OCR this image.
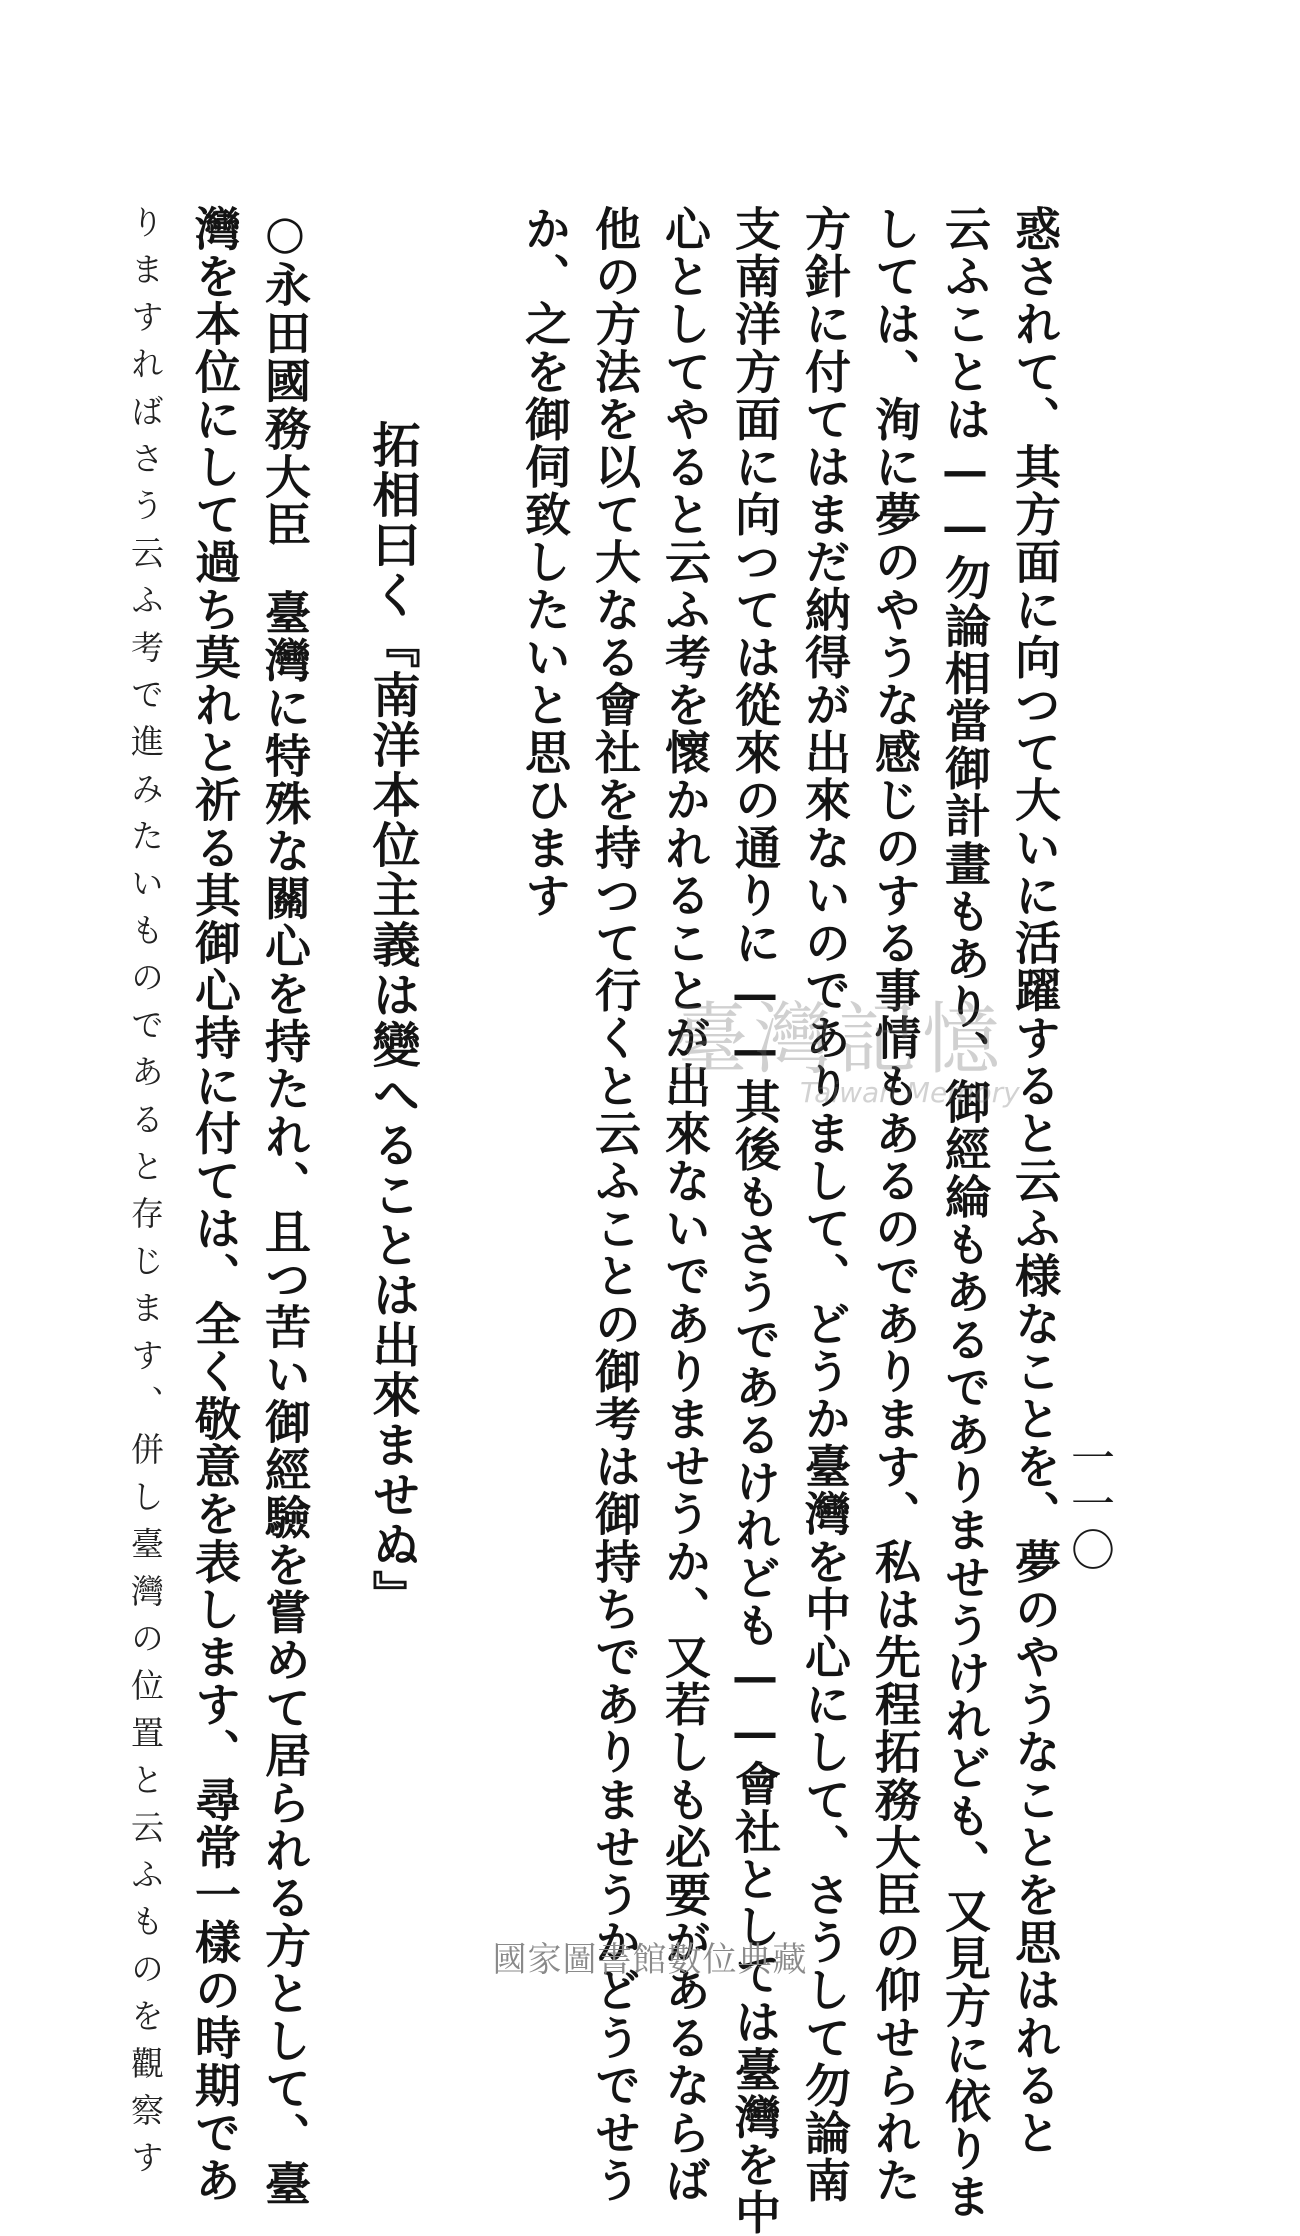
一一〇
惑されて、其方面に向つて大いに活躍すると云ふ様なことを、夢のやうなことを思はれると
云ふことは——勿論相當御計畫もあり、御經綸もあるでありませうけれども、又見方に依りま
しては、洵に夢のやうな感じのする事情もあるのであります、私は先程拓務大臣の仰せられた
方針に付てはまだ納得が出來ないのでありまして、どうか臺灣を中心にして、さうして勿論南
支南洋方面に向つては從來の通りに——其後もさうであるけれども——會社としては臺灣を中
心としてやると云ふ考を懷かれることが出來ないでありませうか、又若しも必要があるならば
他の方法を以て大なる會社を持つて行くと云ふことの御考は御持ちでありませうかどうでせう
か、之を御伺致したいと思ひます
拓相曰く『南洋本位主義は變へることは出來ませぬ』
○永田國務大臣臺灣に特殊な關心を持たれ、且つ苦い御經驗を嘗めて居られる方として、臺
灣を本位にして過ち莫れと祈る其御心持に付ては、全く敬意を表します、尋常一樣の時期であ
りますればさう云ふ考で進みたいものであると存じます、併し臺灣の位置と云ふものを觀察す	臺灣記憶
Taiwan Memory
國家圖書館數位典藏
